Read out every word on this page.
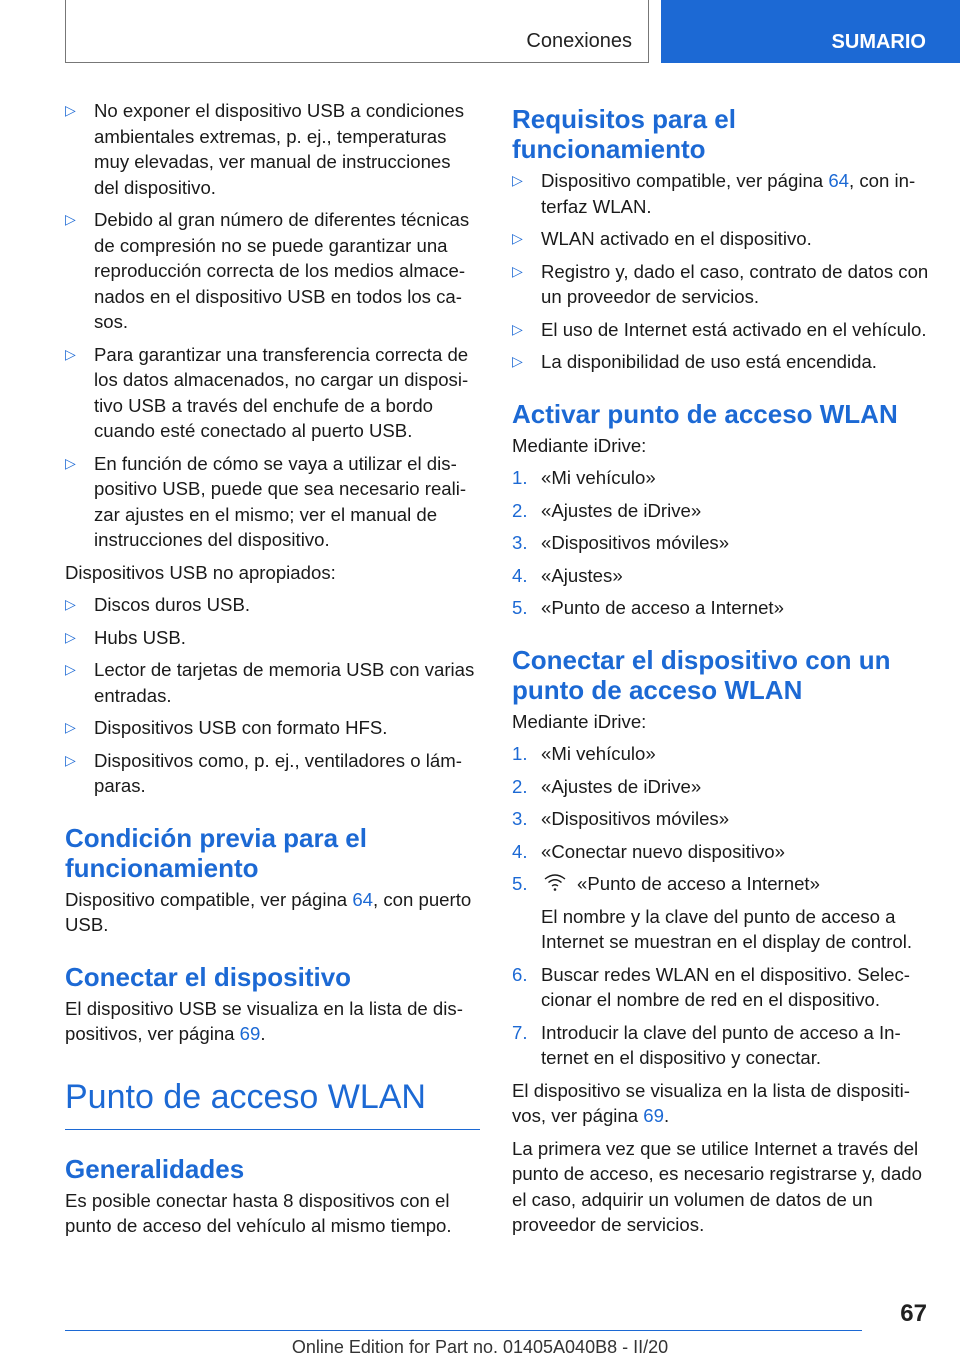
Conexiones	SUMARIO
▷ No exponer el dispositivo USB a condiciones ambientales extremas, p. ej., temperaturas muy elevadas, ver manual de instrucciones del dispositivo.
▷ Debido al gran número de diferentes técnicas de compresión no se puede garantizar una reproducción correcta de los medios almacenados en el dispositivo USB en todos los casos.
▷ Para garantizar una transferencia correcta de los datos almacenados, no cargar un dispositivo USB a través del enchufe de a bordo cuando esté conectado al puerto USB.
▷ En función de cómo se vaya a utilizar el dispositivo USB, puede que sea necesario realizar ajustes en el mismo; ver el manual de instrucciones del dispositivo.
Dispositivos USB no apropiados:
▷ Discos duros USB.
▷ Hubs USB.
▷ Lector de tarjetas de memoria USB con varias entradas.
▷ Dispositivos USB con formato HFS.
▷ Dispositivos como, p. ej., ventiladores o lámparas.
Condición previa para el funcionamiento
Dispositivo compatible, ver página 64, con puerto USB.
Conectar el dispositivo
El dispositivo USB se visualiza en la lista de dispositivos, ver página 69.
Punto de acceso WLAN
Generalidades
Es posible conectar hasta 8 dispositivos con el punto de acceso del vehículo al mismo tiempo.
Requisitos para el funcionamiento
▷ Dispositivo compatible, ver página 64, con interfaz WLAN.
▷ WLAN activado en el dispositivo.
▷ Registro y, dado el caso, contrato de datos con un proveedor de servicios.
▷ El uso de Internet está activado en el vehículo.
▷ La disponibilidad de uso está encendida.
Activar punto de acceso WLAN
Mediante iDrive:
1. «Mi vehículo»
2. «Ajustes de iDrive»
3. «Dispositivos móviles»
4. «Ajustes»
5. «Punto de acceso a Internet»
Conectar el dispositivo con un punto de acceso WLAN
Mediante iDrive:
1. «Mi vehículo»
2. «Ajustes de iDrive»
3. «Dispositivos móviles»
4. «Conectar nuevo dispositivo»
5.	«Punto de acceso a Internet»
El nombre y la clave del punto de acceso a Internet se muestran en el display de control.
6. Buscar redes WLAN en el dispositivo. Seleccionar el nombre de red en el dispositivo.
7. Introducir la clave del punto de acceso a Internet en el dispositivo y conectar.
El dispositivo se visualiza en la lista de dispositivos, ver página 69.
La primera vez que se utilice Internet a través del punto de acceso, es necesario registrarse y, dado el caso, adquirir un volumen de datos de un proveedor de servicios.
67
Online Edition for Part no. 01405A040B8 - II/20
